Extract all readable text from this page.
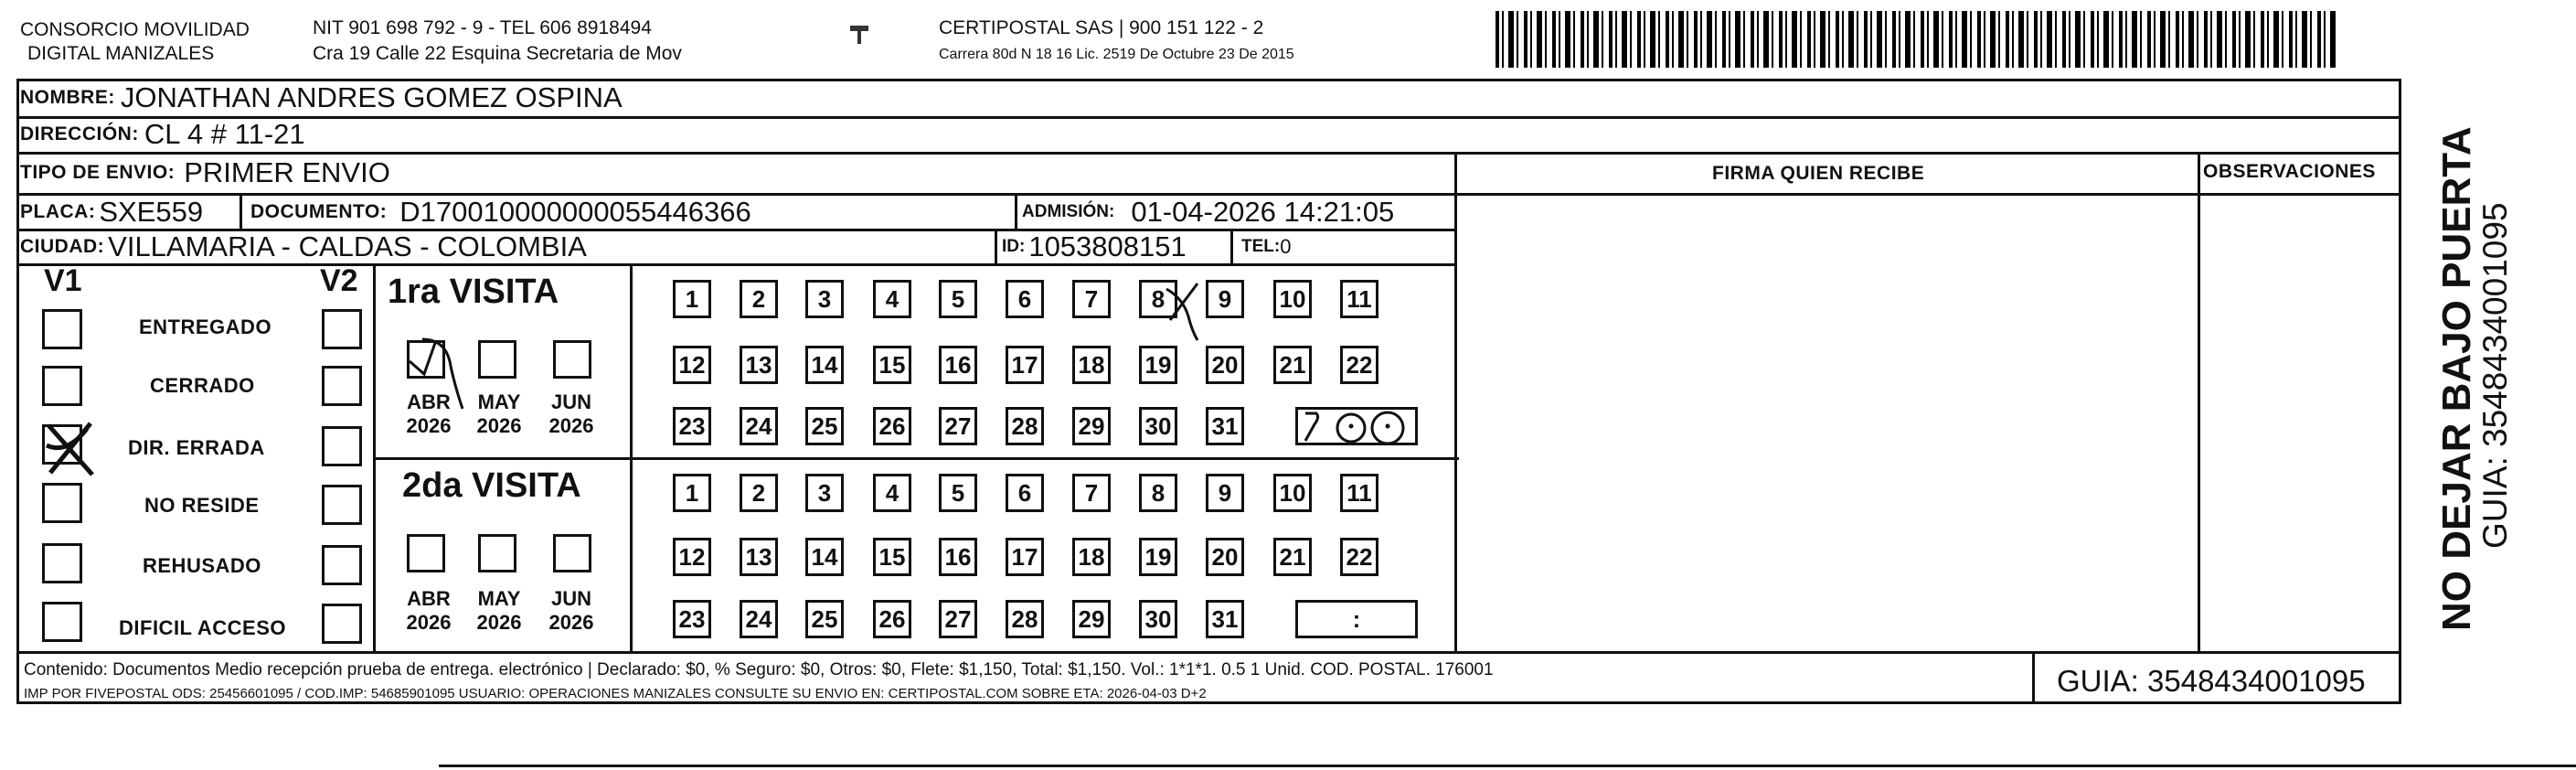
CONSORCIO MOVILIDAD
DIGITAL MANIZALES
NIT 901 698 792 - 9 - TEL 606 8918494
Cra 19 Calle 22 Esquina Secretaria de Mov
CERTIPOSTAL SAS | 900 151 122 - 2
Carrera 80d N 18 16 Lic. 2519 De Octubre 23 De 2015
NOMBRE: JONATHAN ANDRES GOMEZ OSPINA
DIRECCIÓN: CL 4 # 11-21
TIPO DE ENVIO: PRIMER ENVIO	FIRMA QUIEN RECIBE	OBSERVACIONES
PLACA: SXE559 DOCUMENTO: D170010000000055446366	ADMISIÓN: 01-04-2026 14:21:05
CIUDAD: VILLAMARIA - CALDAS - COLOMBIA	ID: 1053808151	TEL: 0
V1	V2
ENTREGADO
CERRADO
DIR. ERRADA
NO RESIDE
REHUSADO
DIFICIL ACCESO
1ra VISITA
ABR
2026
MAY
2026
JUN
2026
2da VISITA
ABR
2026
MAY
2026
JUN
2026
1	2	3	4	5	6	7	8	9	10 11
12 13 14 15 16 17 18 19 20 21 22
23 24 25 26 27 28 29 30 31
1	2	3	4	5	6	7	8	9	10 11
12 13 14 15 16 17 18 19 20 21 22
23 24 25 26 27 28 29 30 31	:
Contenido: Documentos Medio recepción prueba de entrega. electrónico | Declarado: $0, % Seguro: $0, Otros: $0, Flete: $1,150, Total: $1,150. Vol.: 1*1*1. 0.5 1 Unid. COD. POSTAL. 176001
IMP POR FIVEPOSTAL ODS: 25456601095 / COD.IMP: 54685901095 USUARIO: OPERACIONES MANIZALES CONSULTE SU ENVIO EN: CERTIPOSTAL.COM SOBRE ETA: 2026-04-03 D+2	GUIA: 3548434001095
NO DEJAR BAJO PUERTA
GUIA: 3548434001095
